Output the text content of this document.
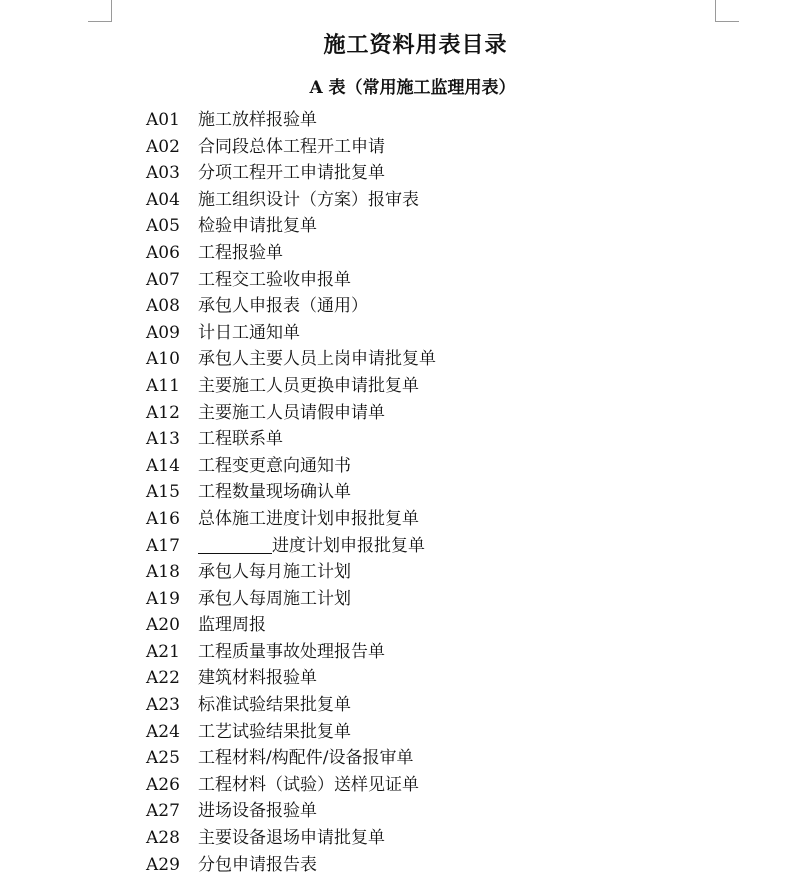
施工资料用表目录
A 表（常用施工监理用表）
A01 施工放样报验单
A02 合同段总体工程开工申请
A03 分项工程开工申请批复单
A04 施工组织设计（方案）报审表
A05 检验申请批复单
A06 工程报验单
A07 工程交工验收申报单
A08 承包人申报表（通用）
A09 计日工通知单
A10 承包人主要人员上岗申请批复单
A11 主要施工人员更换申请批复单
A12 主要施工人员请假申请单
A13 工程联系单
A14 工程变更意向通知书
A15 工程数量现场确认单
A16 总体施工进度计划申报批复单
A17	进度计划申报批复单
A18 承包人每月施工计划
A19 承包人每周施工计划
A20 监理周报
A21 工程质量事故处理报告单
A22 建筑材料报验单
A23 标准试验结果批复单
A24 工艺试验结果批复单
A25 工程材料/构配件/设备报审单
A26 工程材料（试验）送样见证单
A27 进场设备报验单
A28 主要设备退场申请批复单
A29 分包申请报告表
